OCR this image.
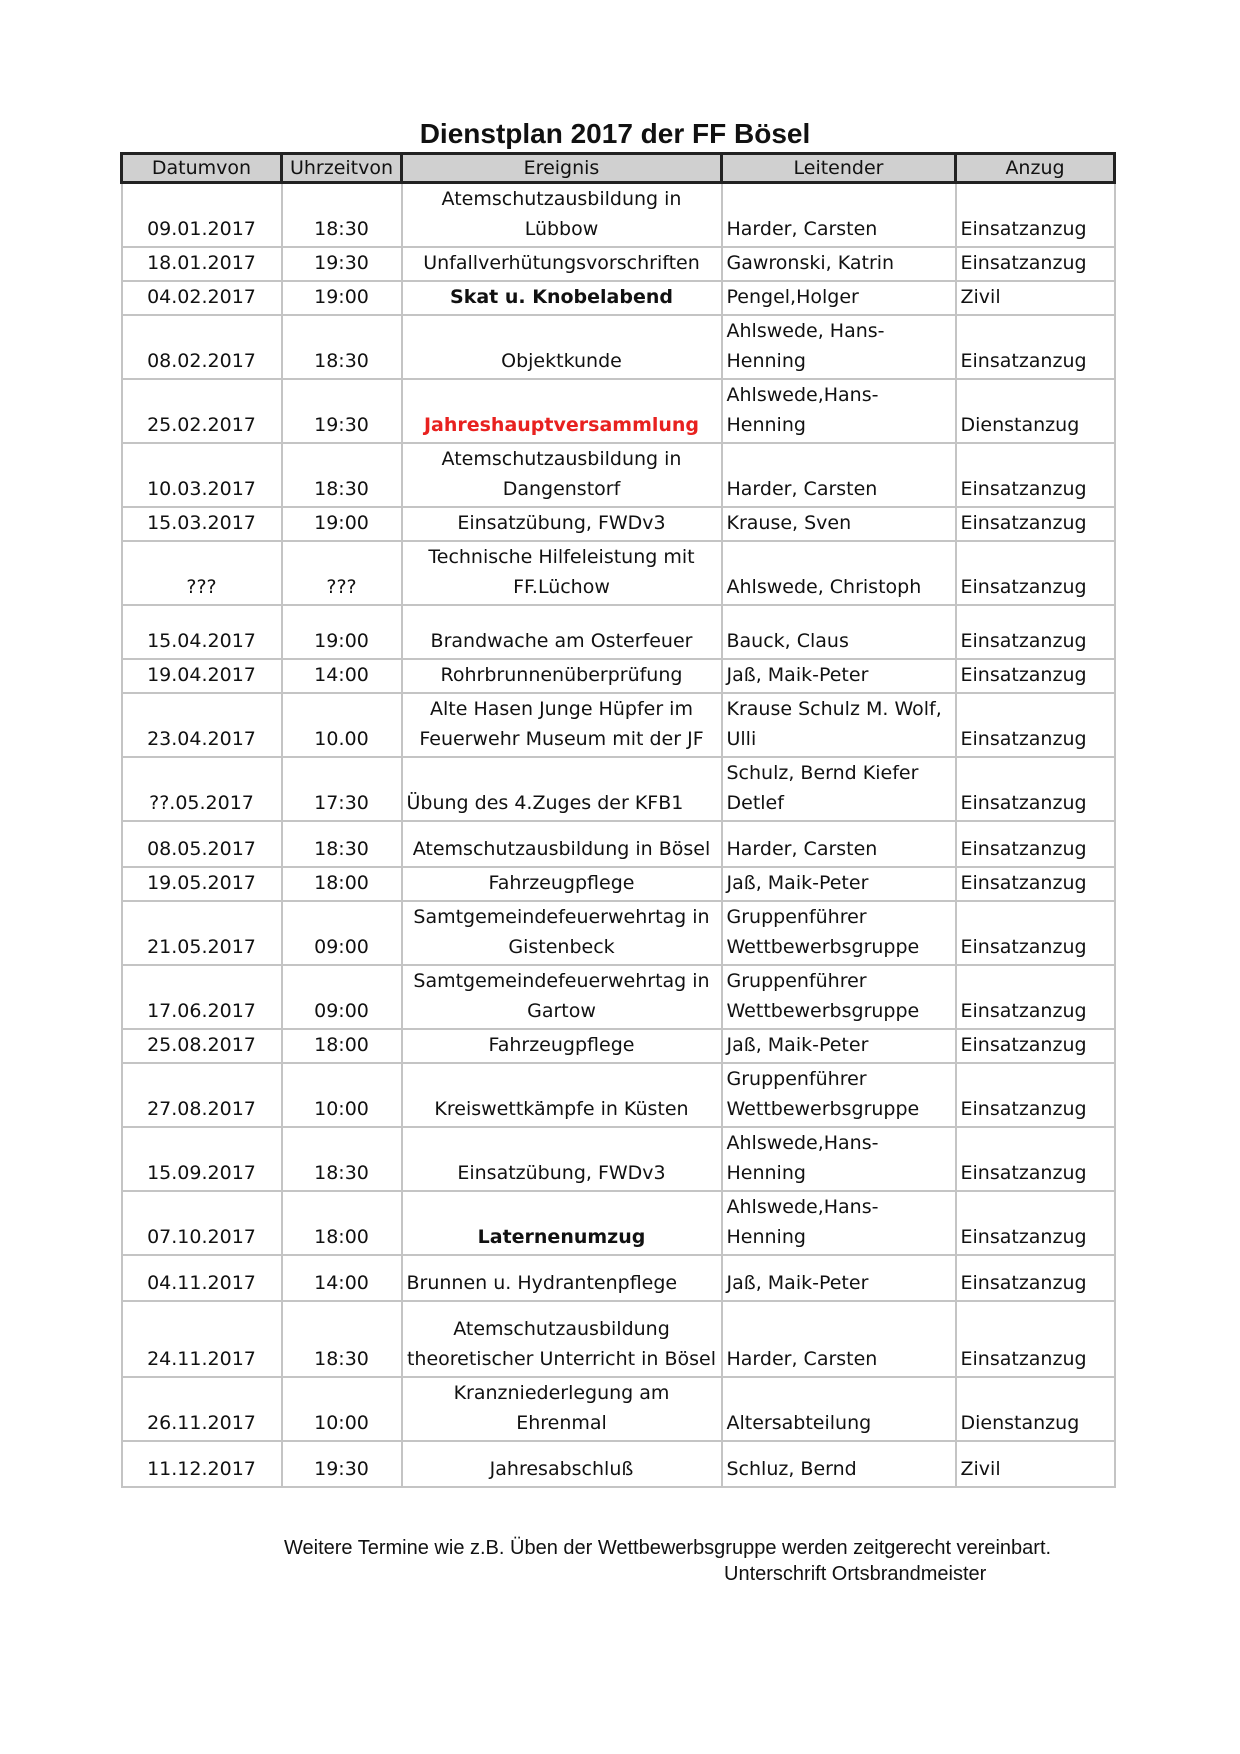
Dienstplan 2017 der FF Bösel
Datumvon	Uhrzeitvon	Ereignis	Leitender	Anzug
09.01.2017	18:30	Atemschutzausbildung in Lübbow	Harder, Carsten	Einsatzanzug
18.01.2017	19:30	Unfallverhütungsvorschriften	Gawronski, Katrin	Einsatzanzug
04.02.2017	19:00	Skat u. Knobelabend	Pengel,Holger	Zivil
08.02.2017	18:30	Objektkunde	Ahlswede, Hans-Henning	Einsatzanzug
25.02.2017	19:30	Jahreshauptversammlung	Ahlswede,Hans-Henning	Dienstanzug
10.03.2017	18:30	Atemschutzausbildung in Dangenstorf	Harder, Carsten	Einsatzanzug
15.03.2017	19:00	Einsatzübung, FWDv3	Krause, Sven	Einsatzanzug
???	???	Technische Hilfeleistung mit FF.Lüchow	Ahlswede, Christoph	Einsatzanzug
15.04.2017	19:00	Brandwache am Osterfeuer	Bauck, Claus	Einsatzanzug
19.04.2017	14:00	Rohrbrunnenüberprüfung	Jaß, Maik-Peter	Einsatzanzug
23.04.2017	10.00	Alte Hasen Junge Hüpfer im Feuerwehr Museum mit der JF	Krause Schulz M. Wolf, Ulli	Einsatzanzug
??.05.2017	17:30	Übung des 4.Zuges der KFB1	Schulz, Bernd Kiefer Detlef	Einsatzanzug
08.05.2017	18:30	Atemschutzausbildung in Bösel	Harder, Carsten	Einsatzanzug
19.05.2017	18:00	Fahrzeugpflege	Jaß, Maik-Peter	Einsatzanzug
21.05.2017	09:00	Samtgemeindefeuerwehrtag in Gistenbeck	Gruppenführer Wettbewerbsgruppe	Einsatzanzug
17.06.2017	09:00	Samtgemeindefeuerwehrtag in Gartow	Gruppenführer Wettbewerbsgruppe	Einsatzanzug
25.08.2017	18:00	Fahrzeugpflege	Jaß, Maik-Peter	Einsatzanzug
27.08.2017	10:00	Kreiswettkämpfe in Küsten	Gruppenführer Wettbewerbsgruppe	Einsatzanzug
15.09.2017	18:30	Einsatzübung, FWDv3	Ahlswede,Hans-Henning	Einsatzanzug
07.10.2017	18:00	Laternenumzug	Ahlswede,Hans-Henning	Einsatzanzug
04.11.2017	14:00	Brunnen u. Hydrantenpflege	Jaß, Maik-Peter	Einsatzanzug
24.11.2017	18:30	Atemschutzausbildung theoretischer Unterricht in Bösel	Harder, Carsten	Einsatzanzug
26.11.2017	10:00	Kranzniederlegung am Ehrenmal	Altersabteilung	Dienstanzug
11.12.2017	19:30	Jahresabschluß	Schluz, Bernd	Zivil
Weitere Termine wie z.B. Üben der Wettbewerbsgruppe werden zeitgerecht vereinbart.
Unterschrift Ortsbrandmeister
